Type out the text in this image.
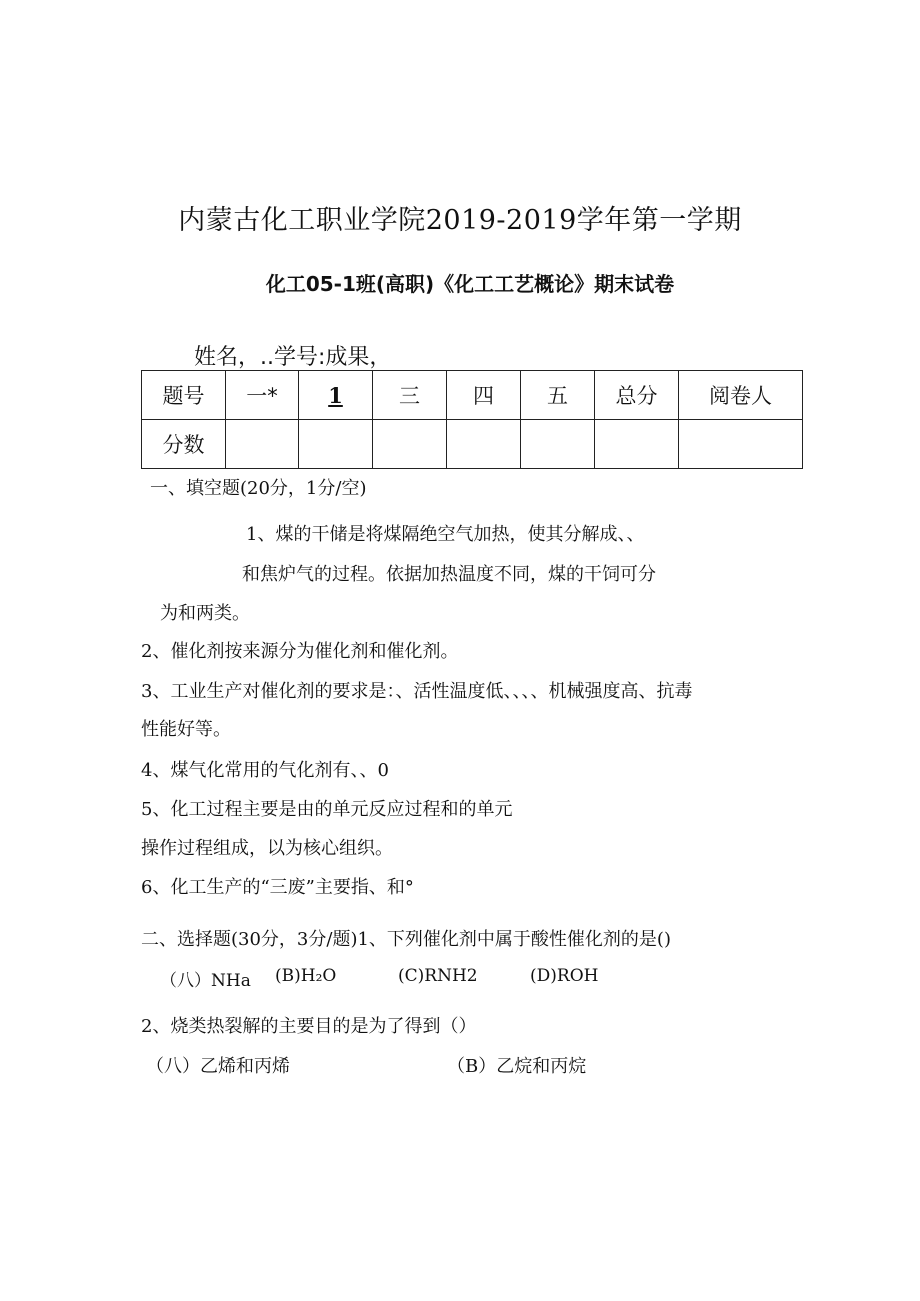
内蒙古化工职业学院2019-2019学年第一学期
化工05-1班(高职)《化工工艺概论》期末试卷
姓名，..学号:成果，
题号	一*	1	三	四	五	总分	阅卷人
分数							
一、填空题(20分，1分/空)
1、煤的干储是将煤隔绝空气加热，使其分解成、、
和焦炉气的过程。依据加热温度不同，煤的干饲可分
为和两类。
2、催化剂按来源分为催化剂和催化剂。
3、工业生产对催化剂的要求是：、活性温度低、、、、机械强度高、抗毒
性能好等。
4、煤气化常用的气化剂有、、0
5、化工过程主要是由的单元反应过程和的单元
操作过程组成，以为核心组织。
6、化工生产的“三废”主要指、和°
二、选择题(30分，3分/题)1、下列催化剂中属于酸性催化剂的是()
（八）NHa (B)H₂O	(C)RNH2	(D)ROH
2、烧类热裂解的主要目的是为了得到（）
（八）乙烯和丙烯	（B）乙烷和丙烷
